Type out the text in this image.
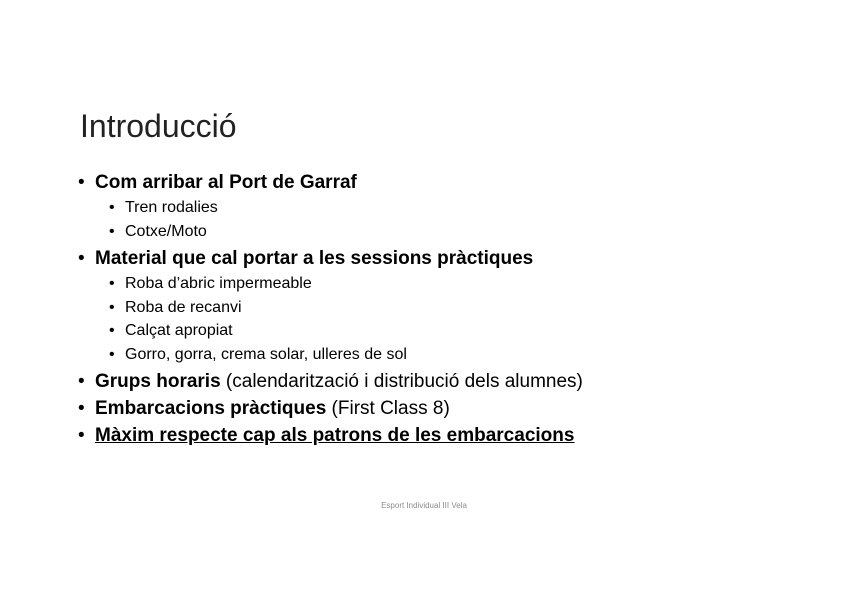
Introducció
• Com arribar al Port de Garraf
• Tren rodalies
• Cotxe/Moto
• Material que cal portar a les sessions pràctiques
• Roba d’abric impermeable
• Roba de recanvi
• Calçat apropiat
• Gorro, gorra, crema solar, ulleres de sol
• Grups horaris (calendarització i distribució dels alumnes)
• Embarcacions pràctiques (First Class 8)
• Màxim respecte cap als patrons de les embarcacions
Esport Individual III Vela
